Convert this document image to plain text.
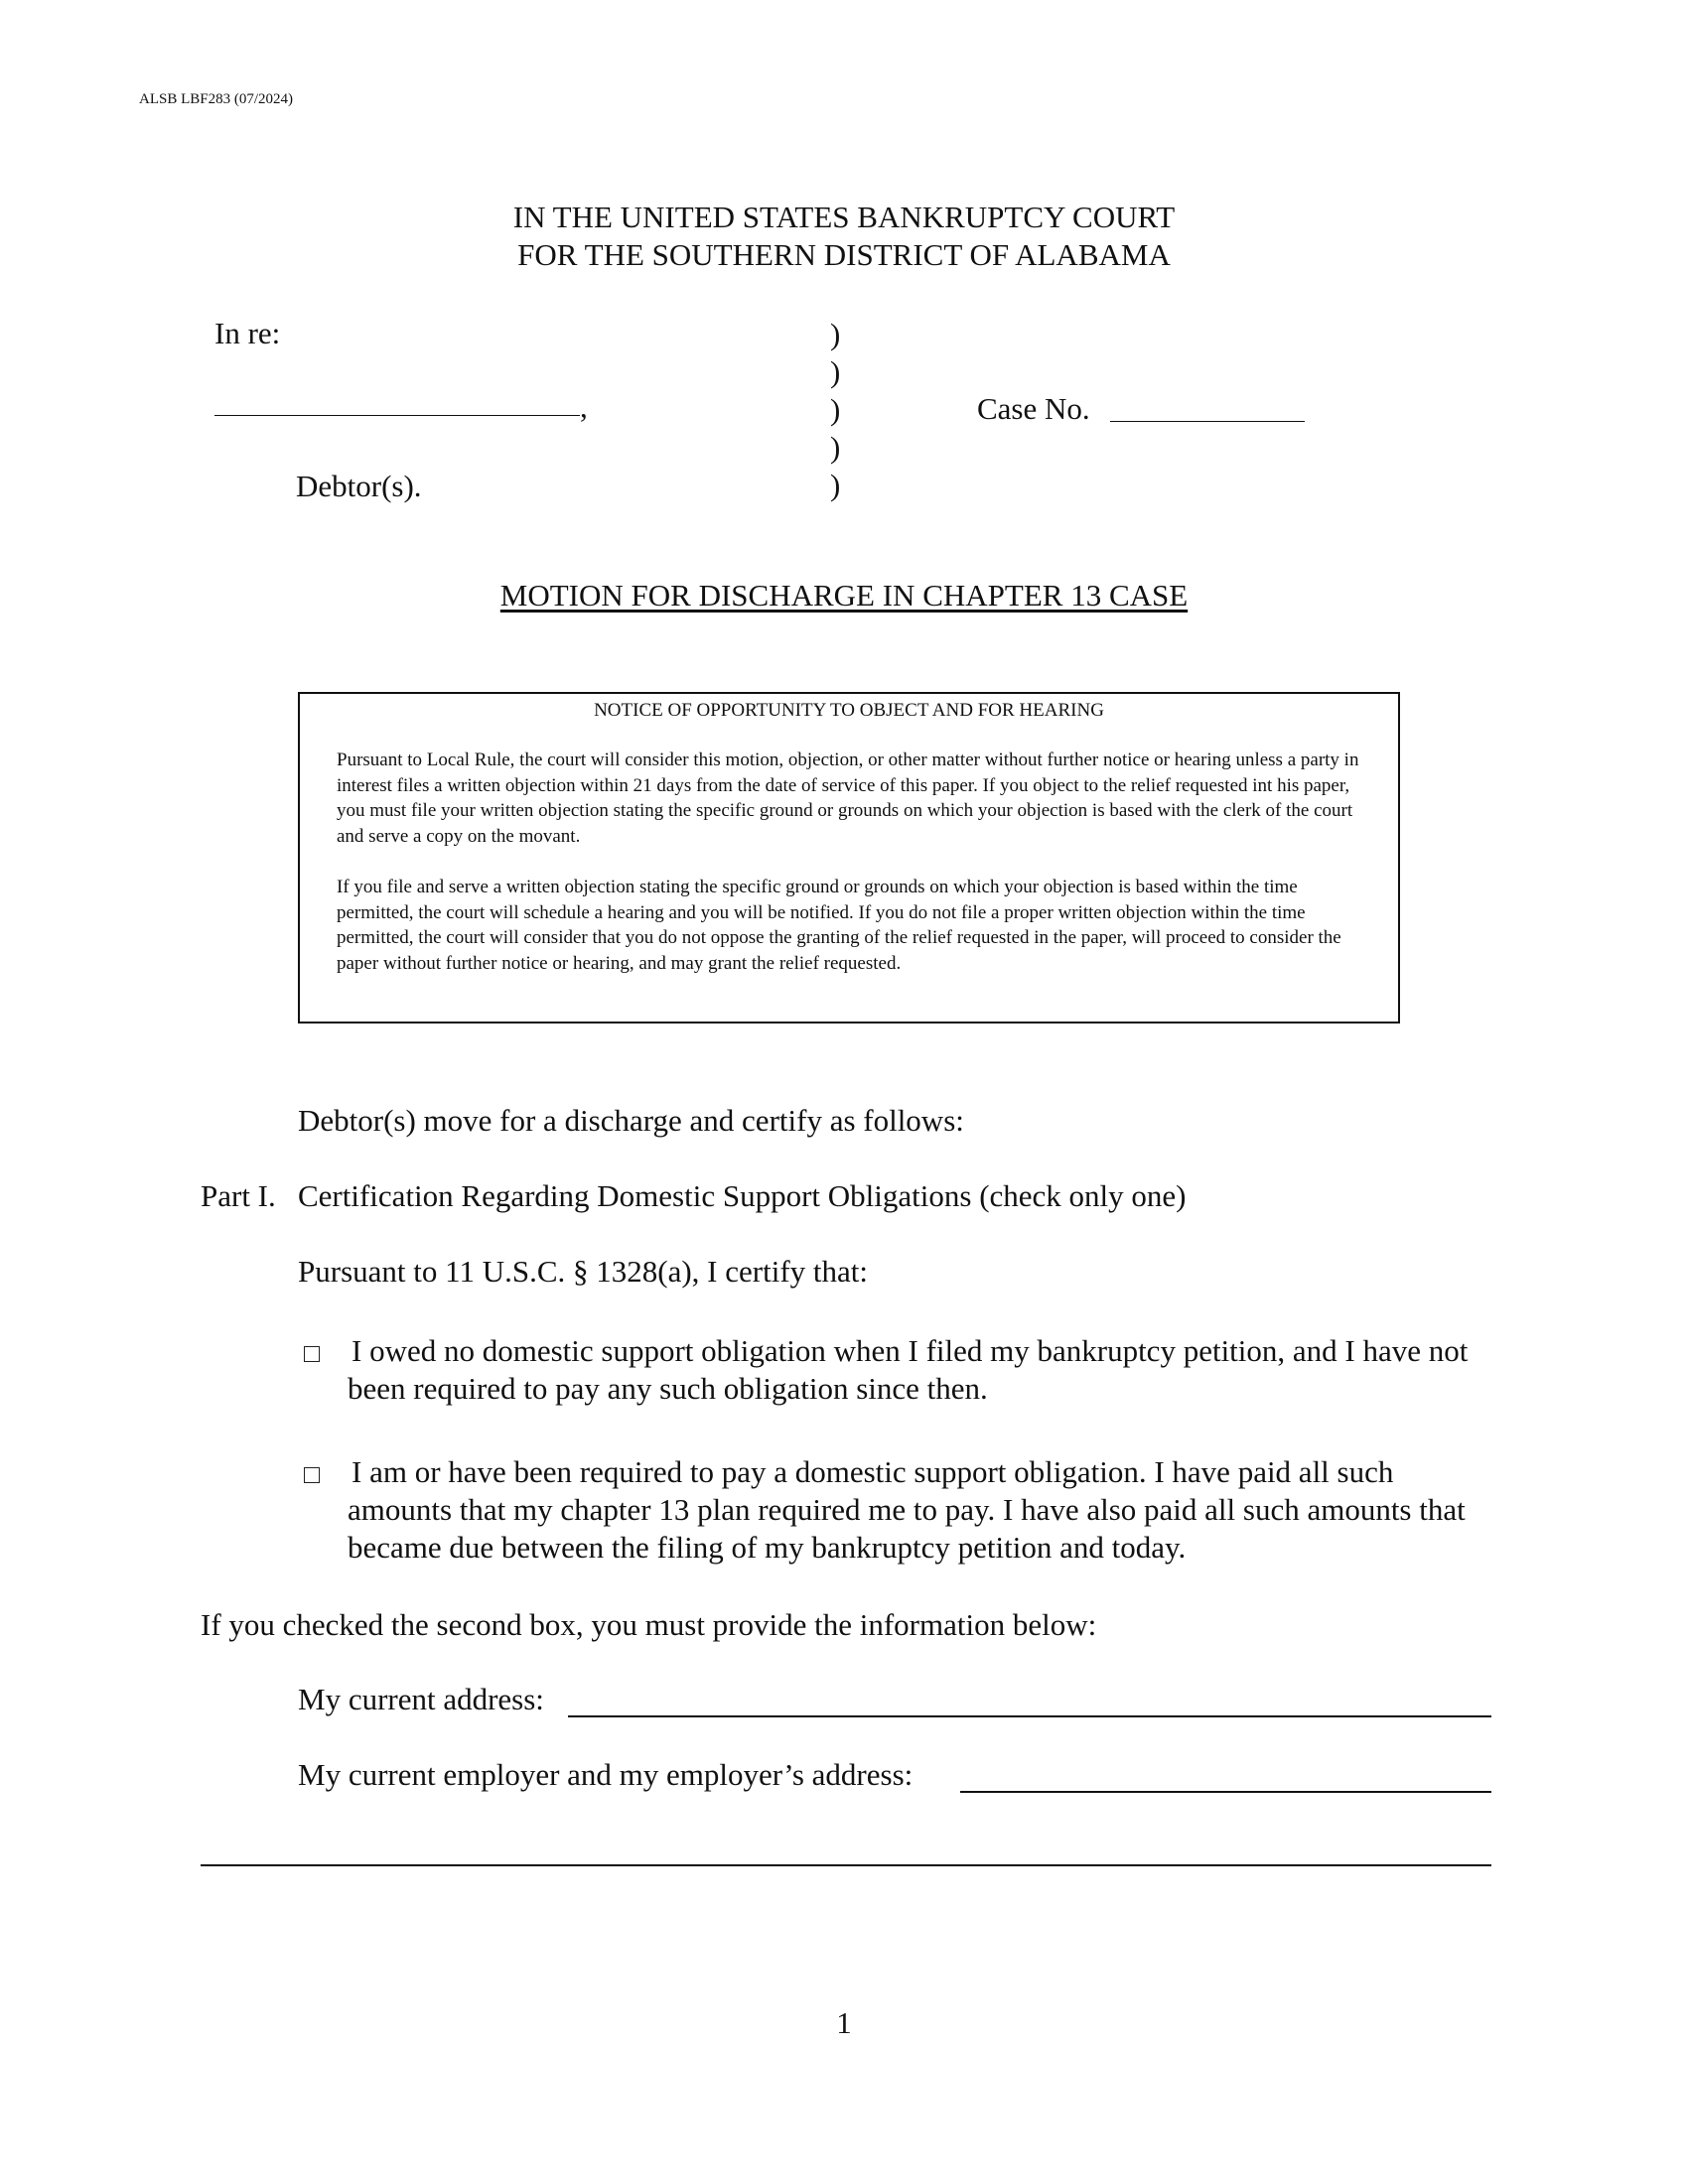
ALSB LBF283 (07/2024)
IN THE UNITED STATES BANKRUPTCY COURT
FOR THE SOUTHERN DISTRICT OF ALABAMA
In re:
,
Debtor(s).
)
)
)
)
)
Case No.
MOTION FOR DISCHARGE IN CHAPTER 13 CASE
NOTICE OF OPPORTUNITY TO OBJECT AND FOR HEARING

Pursuant to Local Rule, the court will consider this motion, objection, or other matter without further notice or hearing unless a party in interest files a written objection within 21 days from the date of service of this paper. If you object to the relief requested int his paper, you must file your written objection stating the specific ground or grounds on which your objection is based with the clerk of the court and serve a copy on the movant.

If you file and serve a written objection stating the specific ground or grounds on which your objection is based within the time permitted, the court will schedule a hearing and you will be notified. If you do not file a proper written objection within the time permitted, the court will consider that you do not oppose the granting of the relief requested in the paper, will proceed to consider the paper without further notice or hearing, and may grant the relief requested.

Debtor(s) move for a discharge and certify as follows:
Part I. Certification Regarding Domestic Support Obligations (check only one)
Pursuant to 11 U.S.C. § 1328(a), I certify that:

I owed no domestic support obligation when I filed my bankruptcy petition, and I have not been required to pay any such obligation since then.

I am or have been required to pay a domestic support obligation. I have paid all such amounts that my chapter 13 plan required me to pay. I have also paid all such amounts that became due between the filing of my bankruptcy petition and today.

If you checked the second box, you must provide the information below:
My current address:
My current employer and my employer’s address:
1
